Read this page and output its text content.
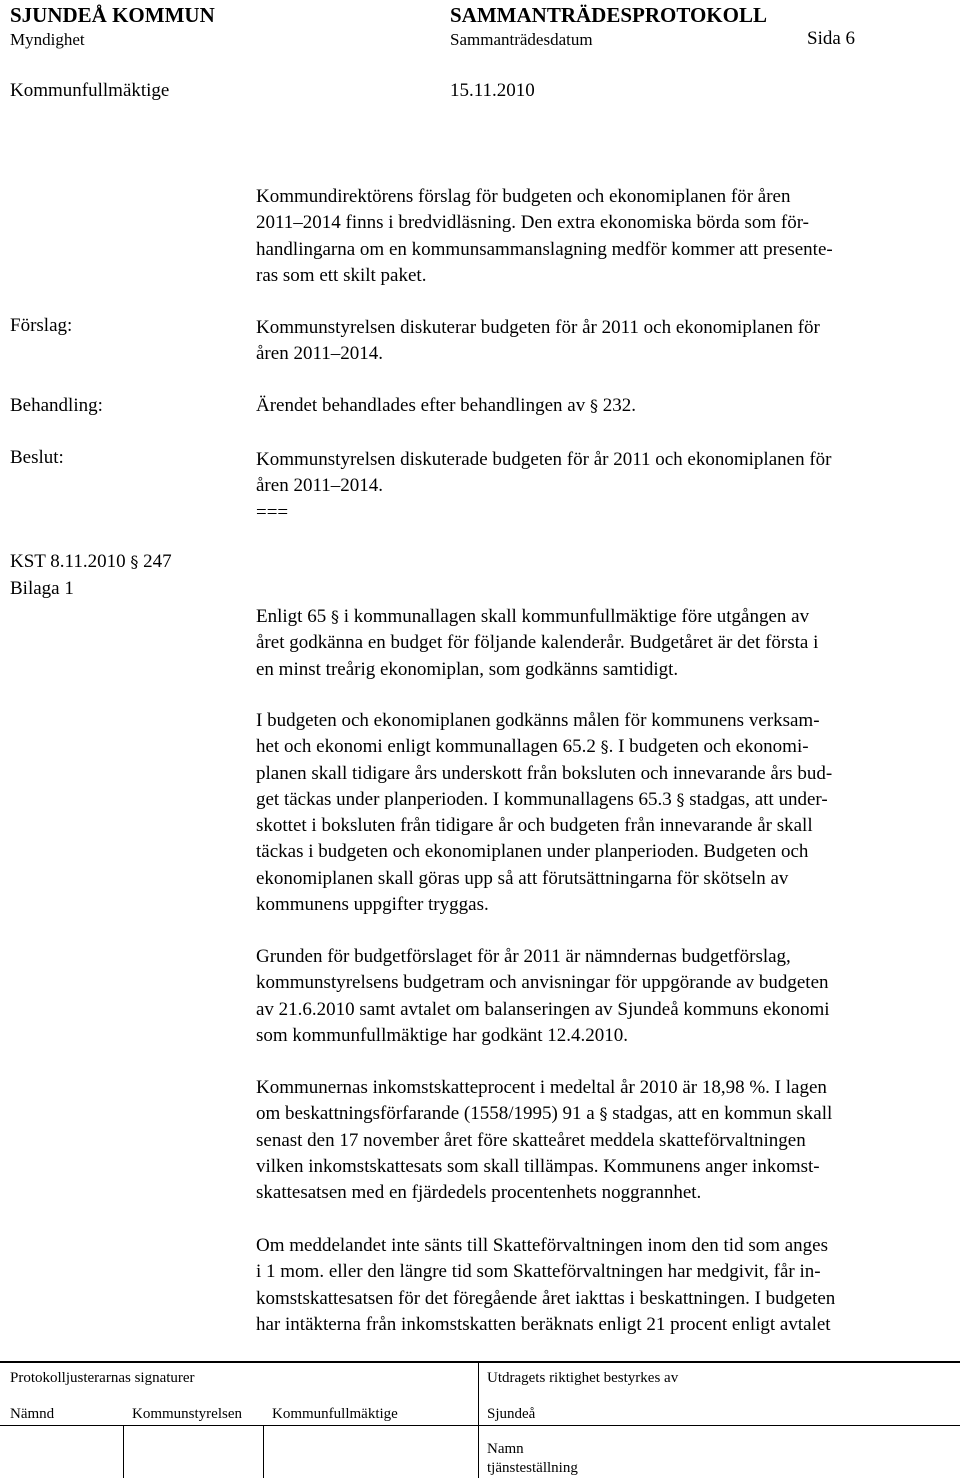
SJUNDEÅ KOMMUN	SAMMANTRÄDESPROTOKOLL
Myndighet	Sammanträdesdatum	Sida 6
Kommunfullmäktige	15.11.2010
Kommundirektörens förslag för budgeten och ekonomiplanen för åren
2011–2014 finns i bredvidläsning. Den extra ekonomiska börda som för-
handlingarna om en kommunsammanslagning medför kommer att presente-
ras som ett skilt paket.
Förslag:	Kommunstyrelsen diskuterar budgeten för år 2011 och ekonomiplanen för
åren 2011–2014.
Behandling:	Ärendet behandlades efter behandlingen av § 232.
Beslut:	Kommunstyrelsen diskuterade budgeten för år 2011 och ekonomiplanen för
åren 2011–2014.
===
KST 8.11.2010 § 247
Bilaga 1
Enligt 65 § i kommunallagen skall kommunfullmäktige före utgången av
året godkänna en budget för följande kalenderår. Budgetåret är det första i
en minst treårig ekonomiplan, som godkänns samtidigt.
I budgeten och ekonomiplanen godkänns målen för kommunens verksam-
het och ekonomi enligt kommunallagen 65.2 §. I budgeten och ekonomi-
planen skall tidigare års underskott från boksluten och innevarande års bud-
get täckas under planperioden. I kommunallagens 65.3 § stadgas, att under-
skottet i boksluten från tidigare år och budgeten från innevarande år skall
täckas i budgeten och ekonomiplanen under planperioden. Budgeten och
ekonomiplanen skall göras upp så att förutsättningarna för skötseln av
kommunens uppgifter tryggas.
Grunden för budgetförslaget för år 2011 är nämndernas budgetförslag,
kommunstyrelsens budgetram och anvisningar för uppgörande av budgeten
av 21.6.2010 samt avtalet om balanseringen av Sjundeå kommuns ekonomi
som kommunfullmäktige har godkänt 12.4.2010.
Kommunernas inkomstskatteprocent i medeltal år 2010 är 18,98 %. I lagen
om beskattningsförfarande (1558/1995) 91 a § stadgas, att en kommun skall
senast den 17 november året före skatteåret meddela skatteförvaltningen
vilken inkomstskattesats som skall tillämpas. Kommunens anger inkomst-
skattesatsen med en fjärdedels procentenhets noggrannhet.
Om meddelandet inte sänts till Skatteförvaltningen inom den tid som anges
i 1 mom. eller den längre tid som Skatteförvaltningen har medgivit, får in-
komstskattesatsen för det föregående året iakttas i beskattningen. I budgeten
har intäkterna från inkomstskatten beräknats enligt 21 procent enligt avtalet
Protokolljusterarnas signaturer	Utdragets riktighet bestyrkes av
Nämnd	Kommunstyrelsen Kommunfullmäktige	Sjundeå
Namn
tjänsteställning
